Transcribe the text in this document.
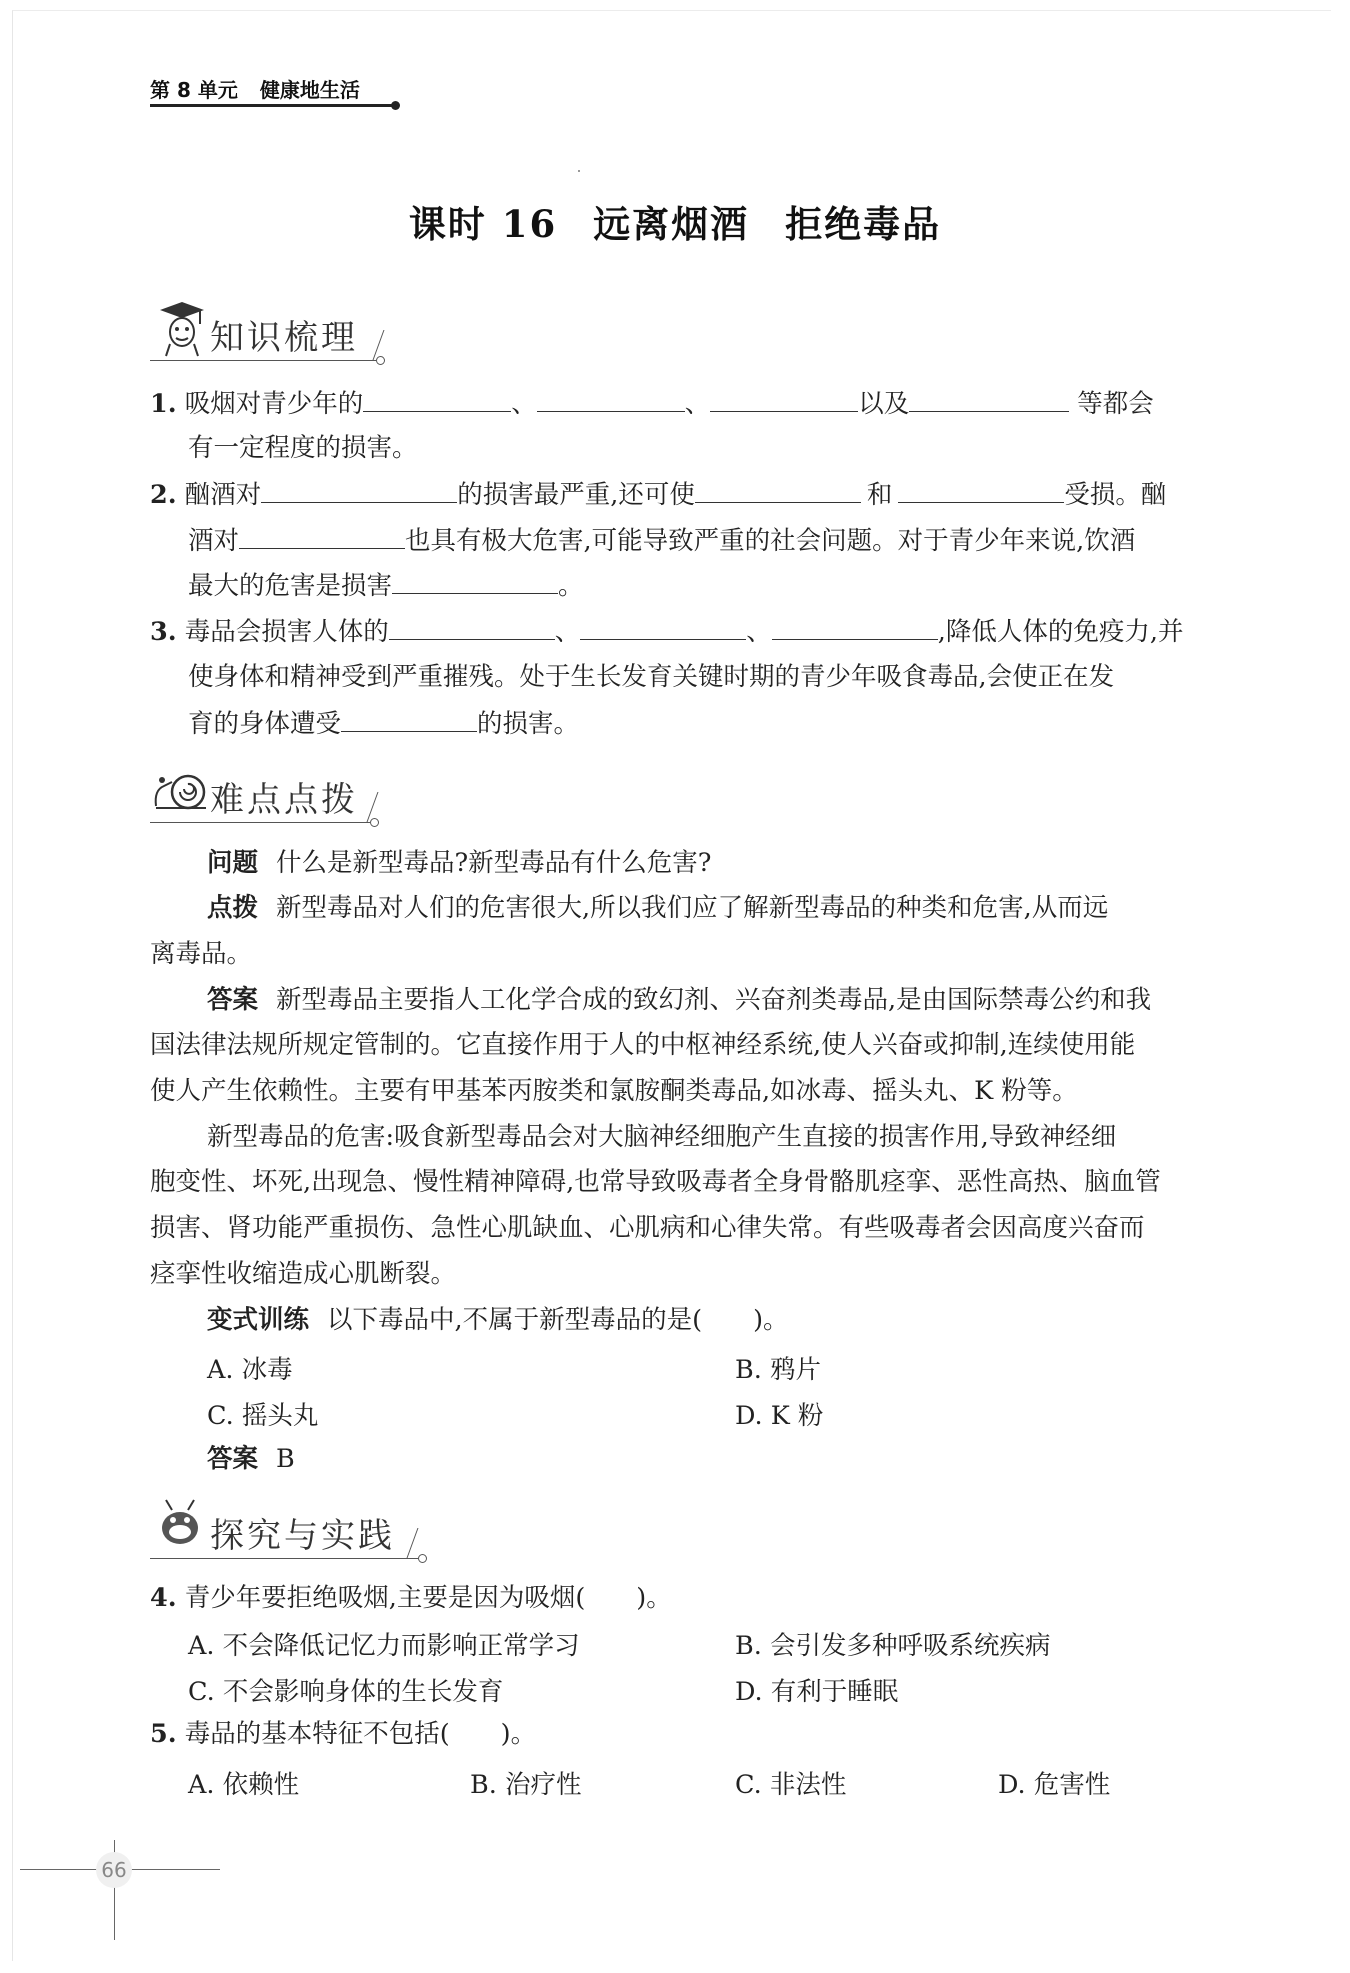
第 8 单元 健康地生活
课时 16 远离烟酒 拒绝毒品
知识梳理
1. 吸烟对青少年的	、	、	以及	等都会
有一定程度的损害。
2. 酗酒对	的损害最严重,还可使	和	受损。酗
酒对	也具有极大危害,可能导致严重的社会问题。对于青少年来说,饮酒
最大的危害是损害	。
3. 毒品会损害人体的	、	、	,降低人体的免疫力,并
使身体和精神受到严重摧残。处于生长发育关键时期的青少年吸食毒品,会使正在发
育的身体遭受	的损害。
难点点拨
问题 什么是新型毒品?新型毒品有什么危害?
点拨 新型毒品对人们的危害很大,所以我们应了解新型毒品的种类和危害,从而远
离毒品。
答案 新型毒品主要指人工化学合成的致幻剂、兴奋剂类毒品,是由国际禁毒公约和我
国法律法规所规定管制的。它直接作用于人的中枢神经系统,使人兴奋或抑制,连续使用能
使人产生依赖性。主要有甲基苯丙胺类和氯胺酮类毒品,如冰毒、摇头丸、K 粉等。
新型毒品的危害:吸食新型毒品会对大脑神经细胞产生直接的损害作用,导致神经细
胞变性、坏死,出现急、慢性精神障碍,也常导致吸毒者全身骨骼肌痉挛、恶性高热、脑血管
损害、肾功能严重损伤、急性心肌缺血、心肌病和心律失常。有些吸毒者会因高度兴奋而
痉挛性收缩造成心肌断裂。
变式训练 以下毒品中,不属于新型毒品的是(　　)。
A. 冰毒	B. 鸦片
C. 摇头丸	D. K 粉
答案 B
探究与实践
4. 青少年要拒绝吸烟,主要是因为吸烟(　　)。
A. 不会降低记忆力而影响正常学习	B. 会引发多种呼吸系统疾病
C. 不会影响身体的生长发育	D. 有利于睡眠
5. 毒品的基本特征不包括(　　)。
A. 依赖性	B. 治疗性	C. 非法性	D. 危害性
66
